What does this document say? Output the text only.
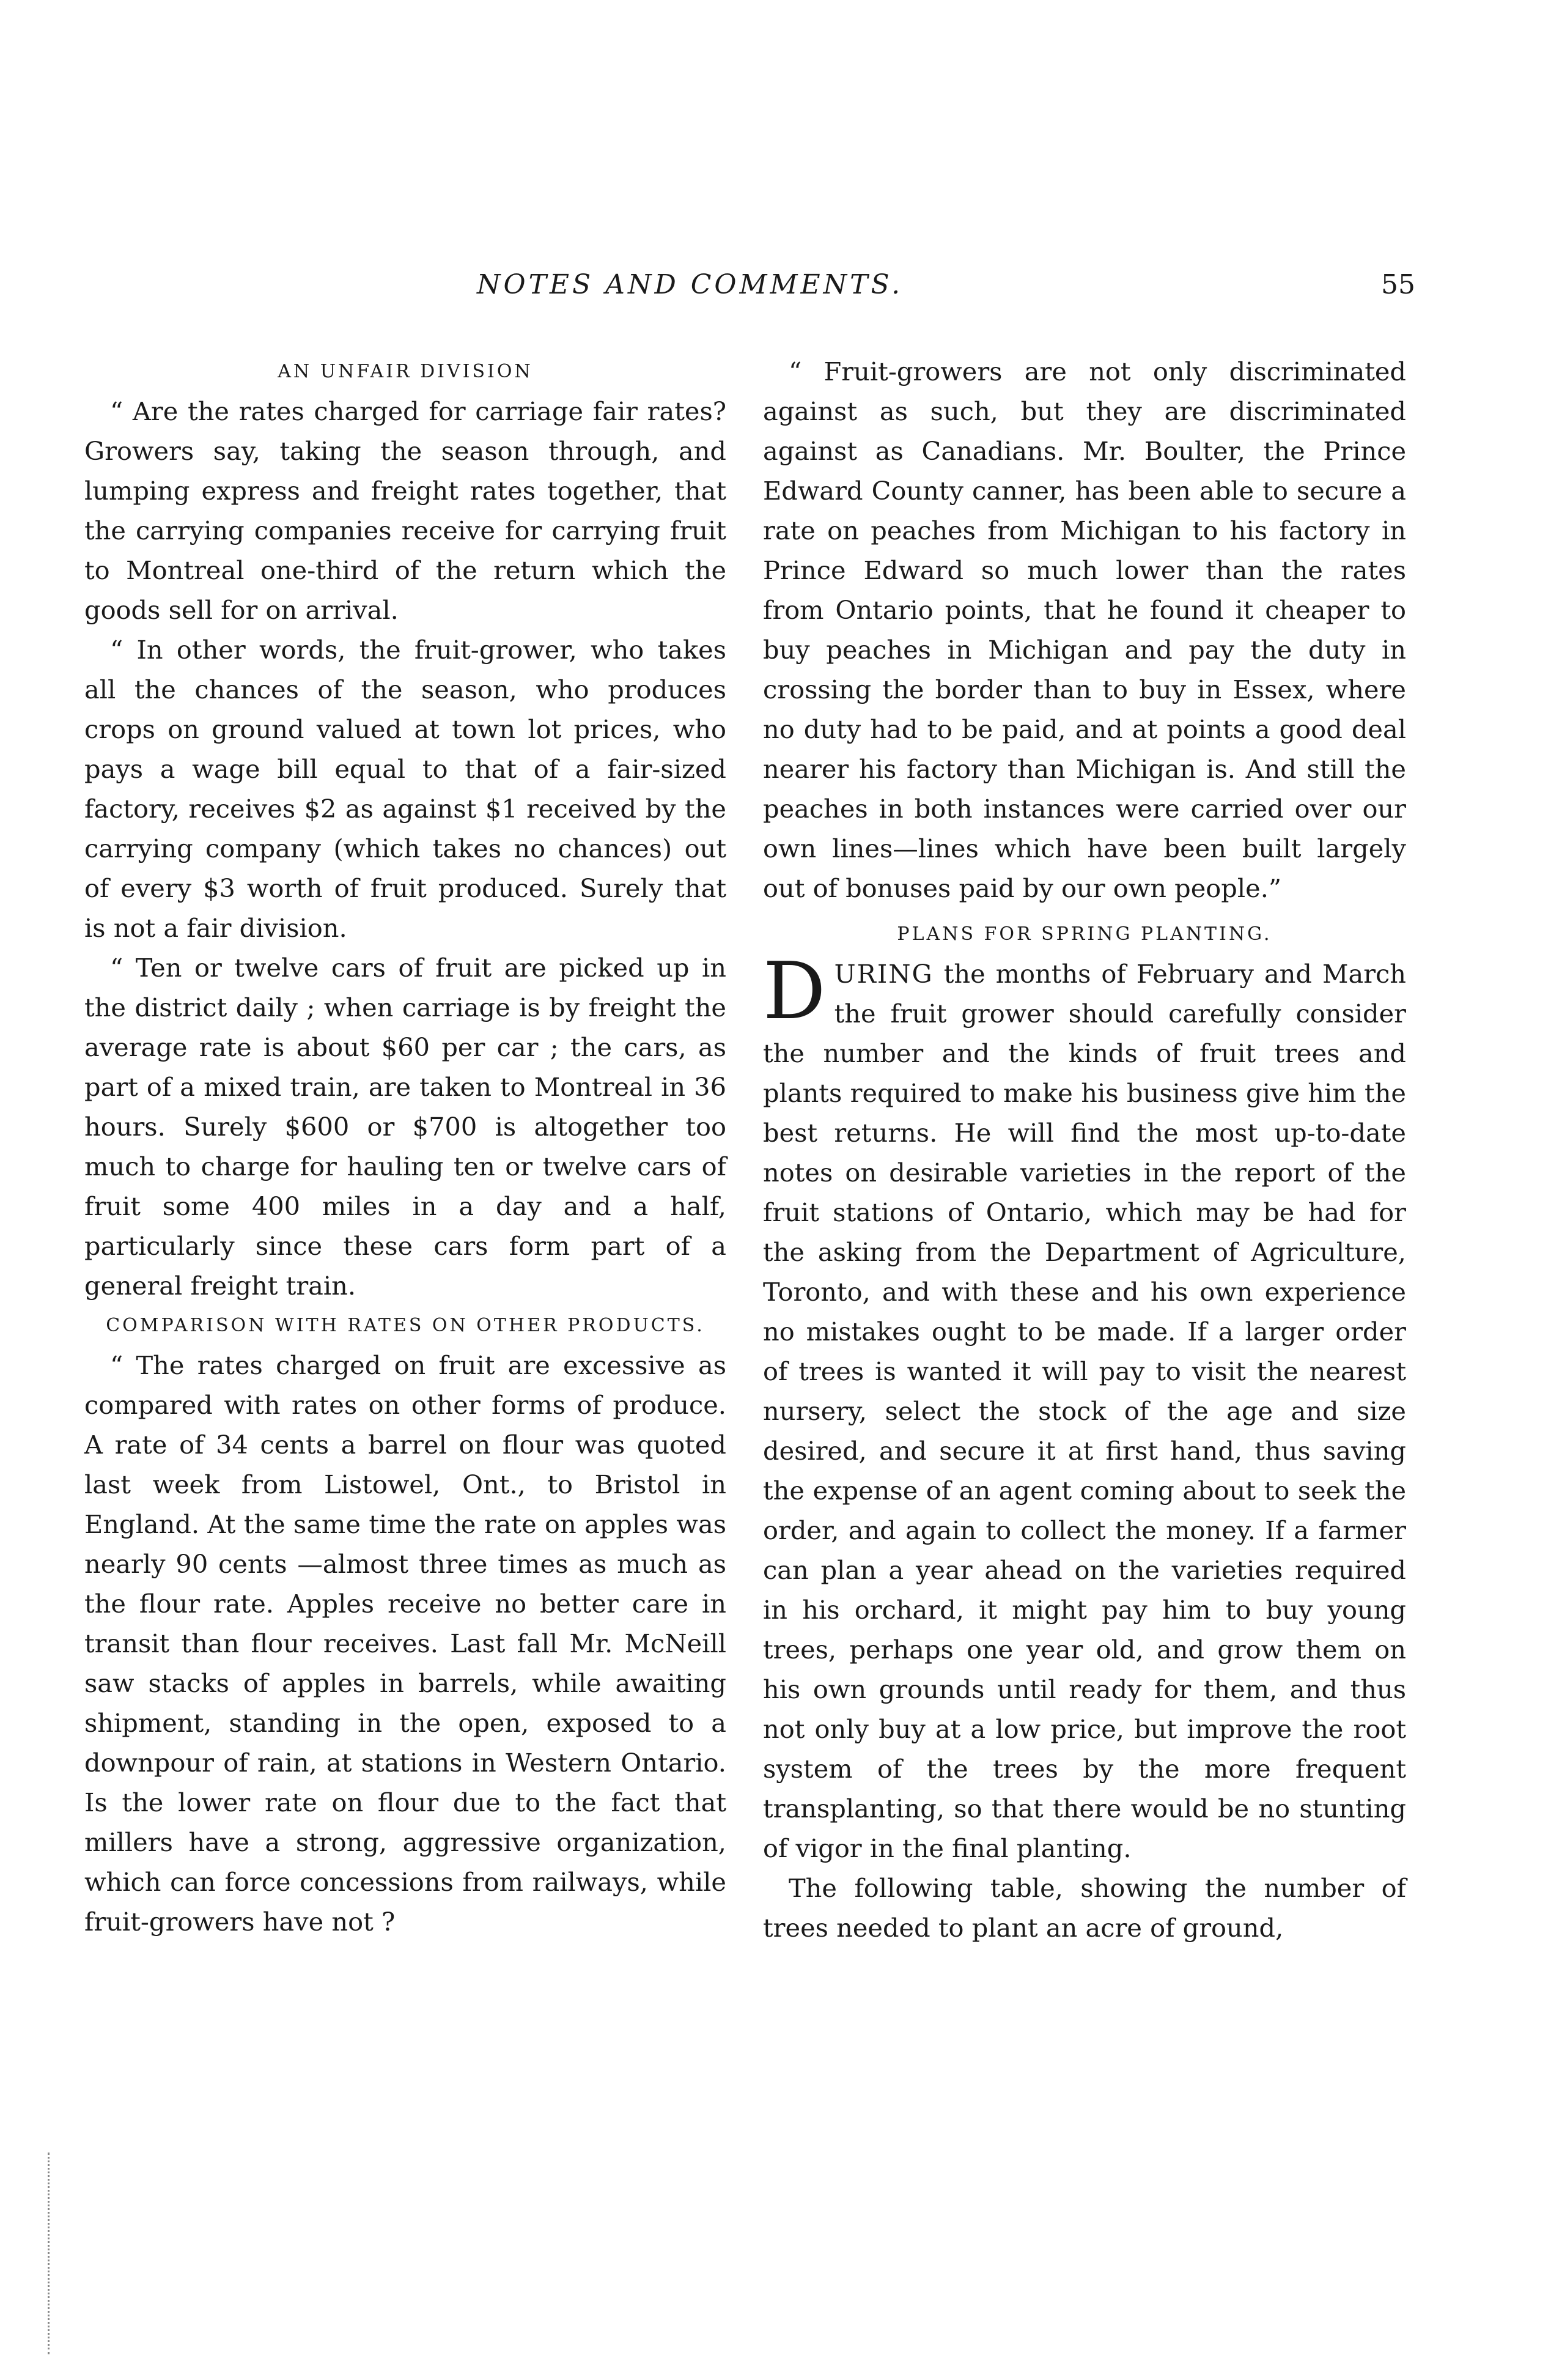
NOTES AND COMMENTS.	55

AN UNFAIR DIVISION

“ Are the rates charged for carriage fair rates? Growers say, taking the season through, and lumping express and freight rates together, that the carrying companies receive for carrying fruit to Montreal one-third of the return which the goods sell for on arrival.

“ In other words, the fruit-grower, who takes all the chances of the season, who produces crops on ground valued at town lot prices, who pays a wage bill equal to that of a fair-sized factory, receives $2 as against $1 received by the carrying company (which takes no chances) out of every $3 worth of fruit produced. Surely that is not a fair division.

“ Ten or twelve cars of fruit are picked up in the district daily ; when carriage is by freight the average rate is about $60 per car ; the cars, as part of a mixed train, are taken to Montreal in 36 hours. Surely $600 or $700 is altogether too much to charge for hauling ten or twelve cars of fruit some 400 miles in a day and a half, particularly since these cars form part of a general freight train.

COMPARISON WITH RATES ON OTHER PRODUCTS.

“ The rates charged on fruit are excessive as compared with rates on other forms of produce. A rate of 34 cents a barrel on flour was quoted last week from Listowel, Ont., to Bristol in England. At the same time the rate on apples was nearly 90 cents —almost three times as much as the flour rate. Apples receive no better care in transit than flour receives. Last fall Mr. McNeill saw stacks of apples in barrels, while awaiting shipment, standing in the open, exposed to a downpour of rain, at stations in Western Ontario. Is the lower rate on flour due to the fact that millers have a strong, aggressive organization, which can force concessions from railways, while fruit-growers have not ?

“ Fruit-growers are not only discriminated against as such, but they are discriminated against as Canadians. Mr. Boulter, the Prince Edward County canner, has been able to secure a rate on peaches from Michigan to his factory in Prince Edward so much lower than the rates from Ontario points, that he found it cheaper to buy peaches in Michigan and pay the duty in crossing the border than to buy in Essex, where no duty had to be paid, and at points a good deal nearer his factory than Michigan is. And still the peaches in both instances were carried over our own lines—lines which have been built largely out of bonuses paid by our own people.”

PLANS FOR SPRING PLANTING.

DURING the months of February and March the fruit grower should carefully consider the number and the kinds of fruit trees and plants required to make his business give him the best returns. He will find the most up-to-date notes on desirable varieties in the report of the fruit stations of Ontario, which may be had for the asking from the Department of Agriculture, Toronto, and with these and his own experience no mistakes ought to be made. If a larger order of trees is wanted it will pay to visit the nearest nursery, select the stock of the age and size desired, and secure it at first hand, thus saving the expense of an agent coming about to seek the order, and again to collect the money. If a farmer can plan a year ahead on the varieties required in his orchard, it might pay him to buy young trees, perhaps one year old, and grow them on his own grounds until ready for them, and thus not only buy at a low price, but improve the root system of the trees by the more frequent transplanting, so that there would be no stunting of vigor in the final planting.

The following table, showing the number of trees needed to plant an acre of ground,
